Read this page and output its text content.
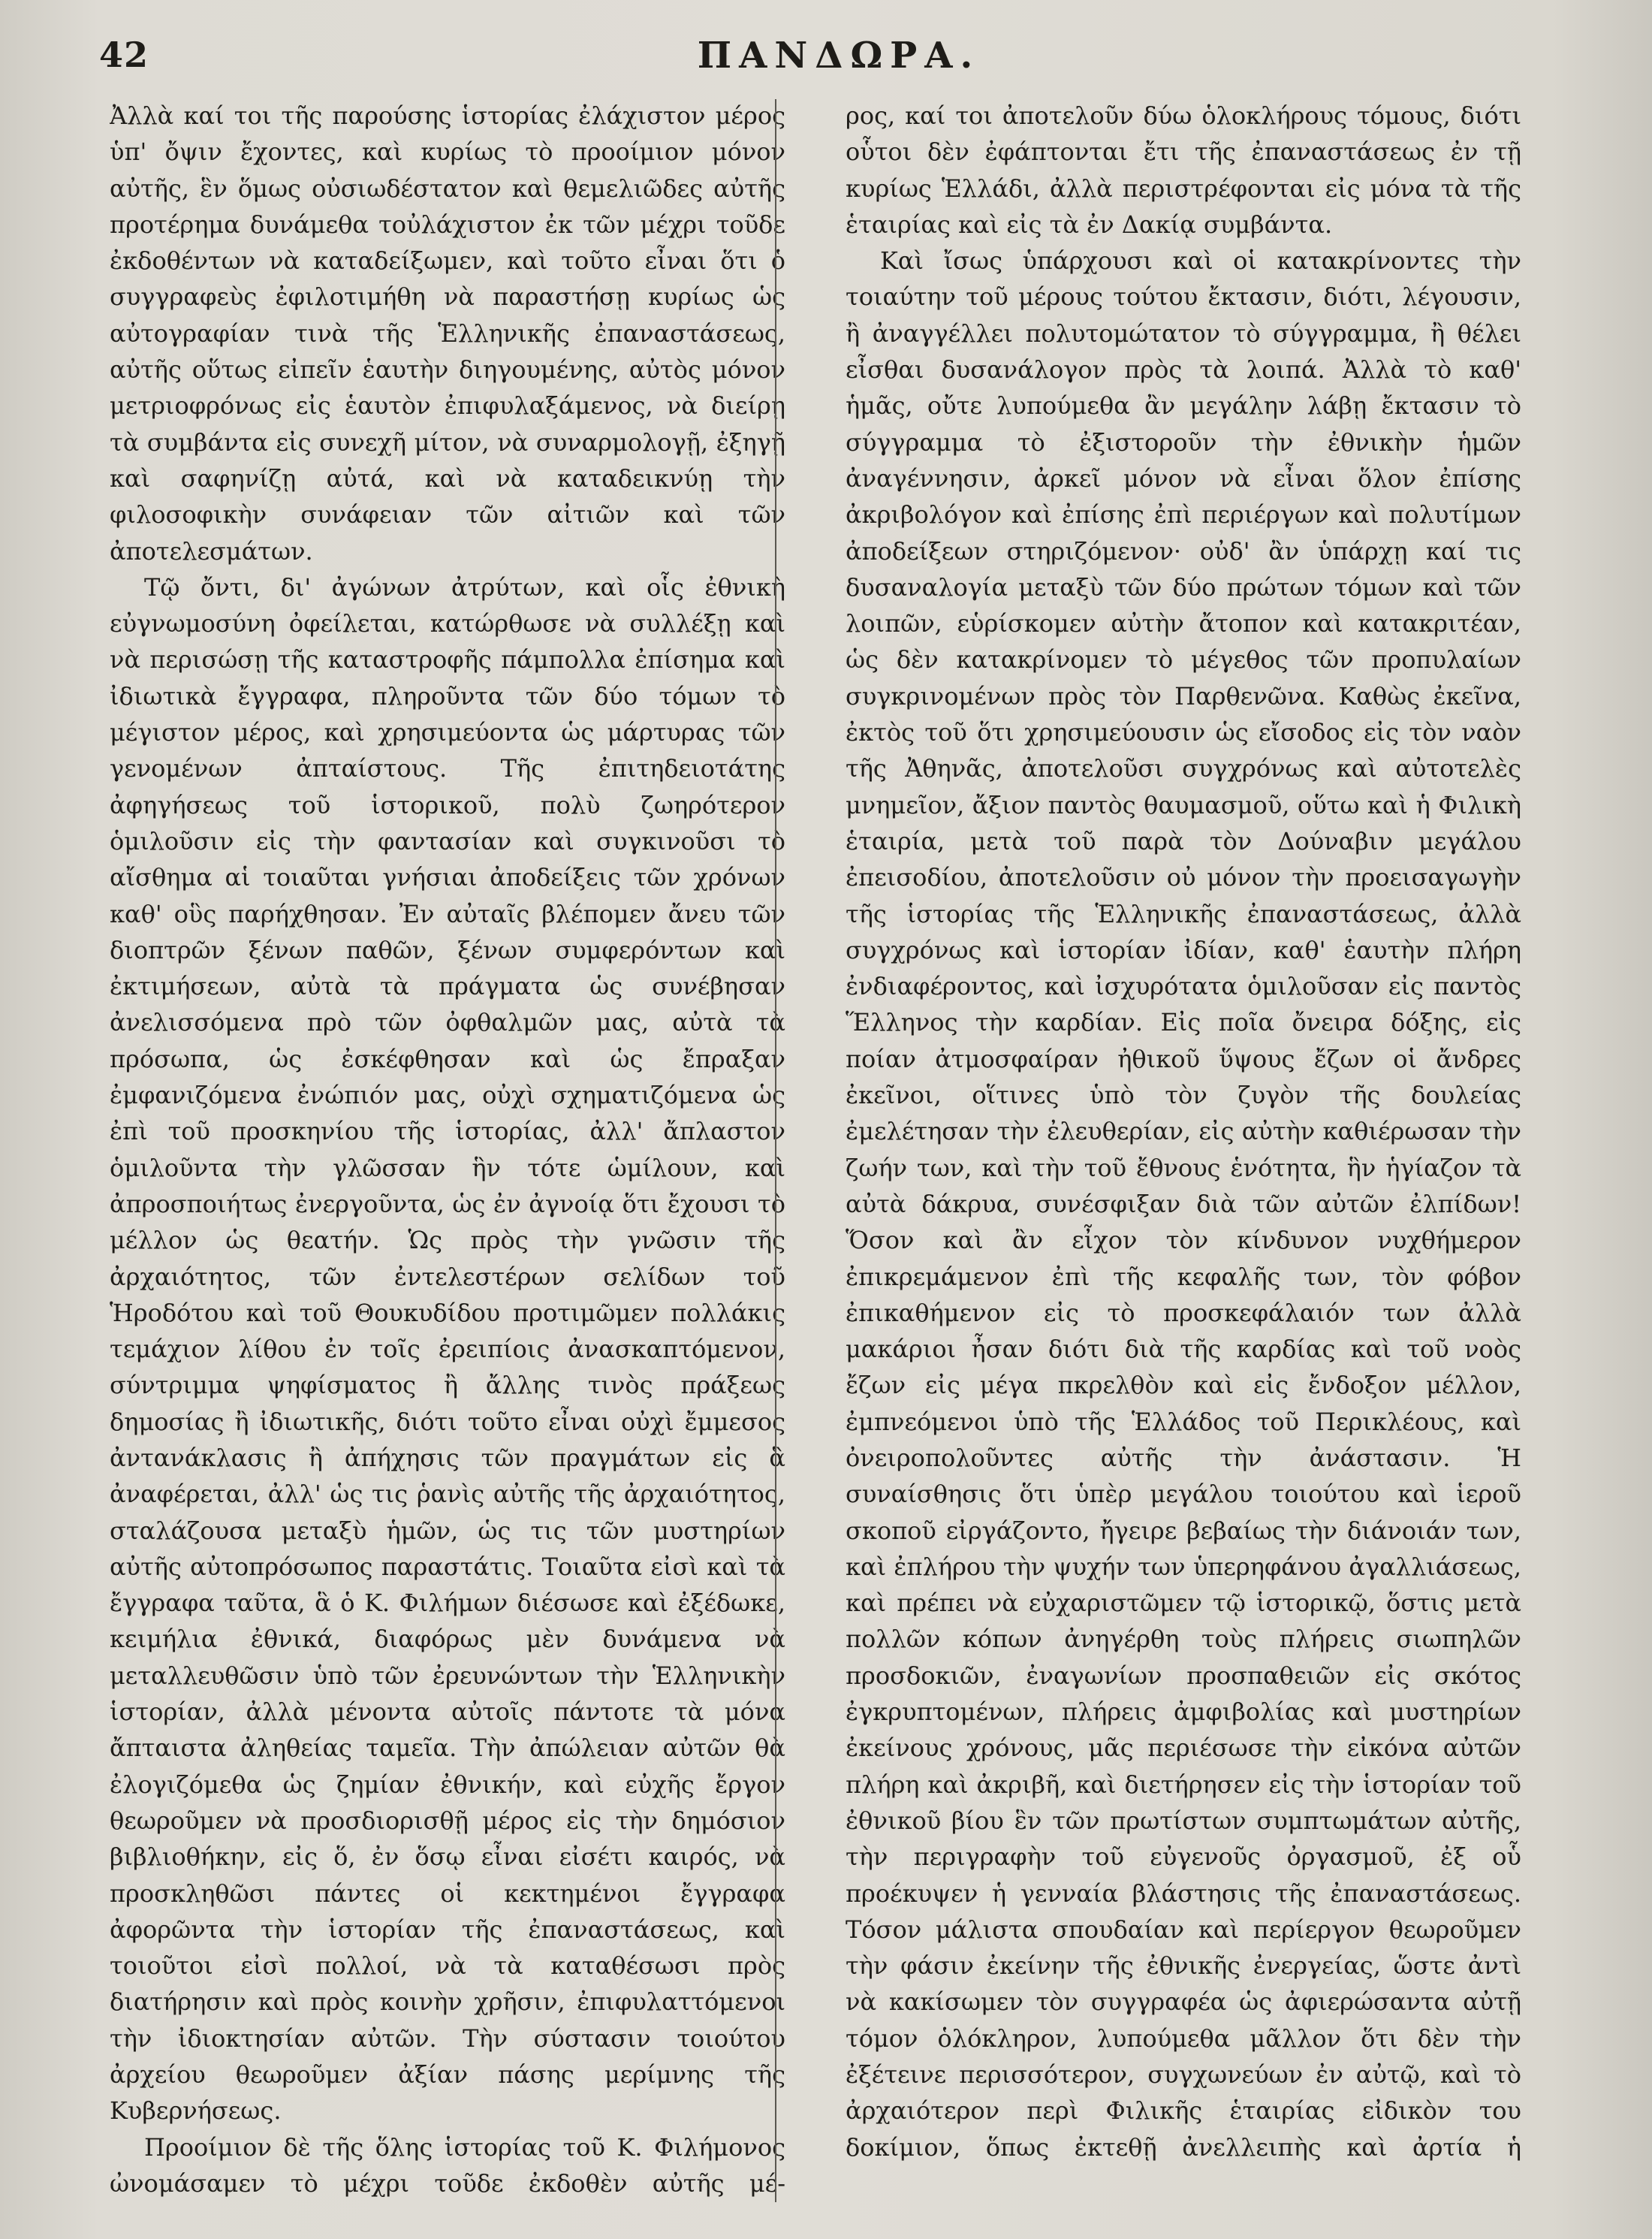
42	ΠΑΝΔΩΡΑ.

Ἀλλὰ καί τοι τῆς παρούσης ἱστορίας ἐλάχιστον μέρος ὑπ' ὄψιν ἔχοντες, καὶ κυρίως τὸ προοίμιον μόνον αὐτῆς, ἓν ὅμως οὐσιωδέστατον καὶ θεμελιῶδες αὐτῆς προτέρημα δυνάμεθα τοὐλάχιστον ἐκ τῶν μέχρι τοῦδε ἐκδοθέντων νὰ καταδείξωμεν, καὶ τοῦτο εἶναι ὅτι ὁ συγγραφεὺς ἐφιλοτιμήθη νὰ παραστήσῃ κυρίως ὡς αὐτογραφίαν τινὰ τῆς Ἑλληνικῆς ἐπαναστάσεως, αὐτῆς οὕτως εἰπεῖν ἑαυτὴν διηγουμένης, αὐτὸς μόνον μετριοφρόνως εἰς ἑαυτὸν ἐπιφυλαξάμενος, νὰ διείρῃ τὰ συμβάντα εἰς συνεχῆ μίτον, νὰ συναρμολογῇ, ἐξηγῇ καὶ σαφηνίζῃ αὐτά, καὶ νὰ καταδεικνύῃ τὴν φιλοσοφικὴν συνάφειαν τῶν αἰτιῶν καὶ τῶν ἀποτελεσμάτων.

Τῷ ὄντι, δι' ἀγώνων ἀτρύτων, καὶ οἷς ἐθνικὴ εὐγνωμοσύνη ὀφείλεται, κατώρθωσε νὰ συλλέξῃ καὶ νὰ περισώσῃ τῆς καταστροφῆς πάμπολλα ἐπίσημα καὶ ἰδιωτικὰ ἔγγραφα, πληροῦντα τῶν δύο τόμων τὸ μέγιστον μέρος, καὶ χρησιμεύοντα ὡς μάρτυρας τῶν γενομένων ἀπταίστους. Τῆς ἐπιτηδειοτάτης ἀφηγήσεως τοῦ ἱστορικοῦ, πολὺ ζωηρότερον ὁμιλοῦσιν εἰς τὴν φαντασίαν καὶ συγκινοῦσι τὸ αἴσθημα αἱ τοιαῦται γνήσιαι ἀποδείξεις τῶν χρόνων καθ' οὓς παρήχθησαν. Ἐν αὐταῖς βλέπομεν ἄνευ τῶν διοπτρῶν ξένων παθῶν, ξένων συμφερόντων καὶ ἐκτιμήσεων, αὐτὰ τὰ πράγματα ὡς συνέβησαν ἀνελισσόμενα πρὸ τῶν ὀφθαλμῶν μας, αὐτὰ τὰ πρόσωπα, ὡς ἐσκέφθησαν καὶ ὡς ἔπραξαν ἐμφανιζόμενα ἐνώπιόν μας, οὐχὶ σχηματιζόμενα ὡς ἐπὶ τοῦ προσκηνίου τῆς ἱστορίας, ἀλλ' ἄπλαστον ὁμιλοῦντα τὴν γλῶσσαν ἣν τότε ὡμίλουν, καὶ ἀπροσποιήτως ἐνεργοῦντα, ὡς ἐν ἀγνοίᾳ ὅτι ἔχουσι τὸ μέλλον ὡς θεατήν. Ὡς πρὸς τὴν γνῶσιν τῆς ἀρχαιότητος, τῶν ἐντελεστέρων σελίδων τοῦ Ἡροδότου καὶ τοῦ Θουκυδίδου προτιμῶμεν πολλάκις τεμάχιον λίθου ἐν τοῖς ἐρειπίοις ἀνασκαπτόμενον, σύντριμμα ψηφίσματος ἢ ἄλλης τινὸς πράξεως δημοσίας ἢ ἰδιωτικῆς, διότι τοῦτο εἶναι οὐχὶ ἔμμεσος ἀντανάκλασις ἢ ἀπήχησις τῶν πραγμάτων εἰς ἃ ἀναφέρεται, ἀλλ' ὡς τις ῥανὶς αὐτῆς τῆς ἀρχαιότητος, σταλάζουσα μεταξὺ ἡμῶν, ὡς τις τῶν μυστηρίων αὐτῆς αὐτοπρόσωπος παραστάτις. Τοιαῦτα εἰσὶ καὶ τὰ ἔγγραφα ταῦτα, ἃ ὁ Κ. Φιλήμων διέσωσε καὶ ἐξέδωκε, κειμήλια ἐθνικά, διαφόρως μὲν δυνάμενα νὰ μεταλλευθῶσιν ὑπὸ τῶν ἐρευνώντων τὴν Ἑλληνικὴν ἱστορίαν, ἀλλὰ μένοντα αὐτοῖς πάντοτε τὰ μόνα ἄπταιστα ἀληθείας ταμεῖα. Τὴν ἀπώλειαν αὐτῶν θὰ ἐλογιζόμεθα ὡς ζημίαν ἐθνικήν, καὶ εὐχῆς ἔργον θεωροῦμεν νὰ προσδιορισθῇ μέρος εἰς τὴν δημόσιον βιβλιοθήκην, εἰς ὅ, ἐν ὅσῳ εἶναι εἰσέτι καιρός, νὰ προσκληθῶσι πάντες οἱ κεκτημένοι ἔγγραφα ἀφορῶντα τὴν ἱστορίαν τῆς ἐπαναστάσεως, καὶ τοιοῦτοι εἰσὶ πολλοί, νὰ τὰ καταθέσωσι πρὸς διατήρησιν καὶ πρὸς κοινὴν χρῆσιν, ἐπιφυλαττόμενοι τὴν ἰδιοκτησίαν αὐτῶν. Τὴν σύστασιν τοιούτου ἀρχείου θεωροῦμεν ἀξίαν πάσης μερίμνης τῆς Κυβερνήσεως.

Προοίμιον δὲ τῆς ὅλης ἱστορίας τοῦ Κ. Φιλήμονος ὠνομάσαμεν τὸ μέχρι τοῦδε ἐκδοθὲν αὐτῆς μέ-

ρος, καί τοι ἀποτελοῦν δύω ὁλοκλήρους τόμους, διότι οὗτοι δὲν ἐφάπτονται ἔτι τῆς ἐπαναστάσεως ἐν τῇ κυρίως Ἑλλάδι, ἀλλὰ περιστρέφονται εἰς μόνα τὰ τῆς ἑταιρίας καὶ εἰς τὰ ἐν Δακίᾳ συμβάντα.

Καὶ ἴσως ὑπάρχουσι καὶ οἱ κατακρίνοντες τὴν τοιαύτην τοῦ μέρους τούτου ἔκτασιν, διότι, λέγουσιν, ἢ ἀναγγέλλει πολυτομώτατον τὸ σύγγραμμα, ἢ θέλει εἶσθαι δυσανάλογον πρὸς τὰ λοιπά. Ἀλλὰ τὸ καθ' ἡμᾶς, οὔτε λυπούμεθα ἂν μεγάλην λάβῃ ἔκτασιν τὸ σύγγραμμα τὸ ἐξιστοροῦν τὴν ἐθνικὴν ἡμῶν ἀναγέννησιν, ἀρκεῖ μόνον νὰ εἶναι ὅλον ἐπίσης ἀκριβολόγον καὶ ἐπίσης ἐπὶ περιέργων καὶ πολυτίμων ἀποδείξεων στηριζόμενον· οὐδ' ἂν ὑπάρχῃ καί τις δυσαναλογία μεταξὺ τῶν δύο πρώτων τόμων καὶ τῶν λοιπῶν, εὑρίσκομεν αὐτὴν ἄτοπον καὶ κατακριτέαν, ὡς δὲν κατακρίνομεν τὸ μέγεθος τῶν προπυλαίων συγκρινομένων πρὸς τὸν Παρθενῶνα. Καθὼς ἐκεῖνα, ἐκτὸς τοῦ ὅτι χρησιμεύουσιν ὡς εἴσοδος εἰς τὸν ναὸν τῆς Ἀθηνᾶς, ἀποτελοῦσι συγχρόνως καὶ αὐτοτελὲς μνημεῖον, ἄξιον παντὸς θαυμασμοῦ, οὕτω καὶ ἡ Φιλικὴ ἑταιρία, μετὰ τοῦ παρὰ τὸν Δούναβιν μεγάλου ἐπεισοδίου, ἀποτελοῦσιν οὐ μόνον τὴν προεισαγωγὴν τῆς ἱστορίας τῆς Ἑλληνικῆς ἐπαναστάσεως, ἀλλὰ συγχρόνως καὶ ἱστορίαν ἰδίαν, καθ' ἑαυτὴν πλήρη ἐνδιαφέροντος, καὶ ἰσχυρότατα ὁμιλοῦσαν εἰς παντὸς Ἕλληνος τὴν καρδίαν. Εἰς ποῖα ὄνειρα δόξης, εἰς ποίαν ἀτμοσφαίραν ἠθικοῦ ὕψους ἔζων οἱ ἄνδρες ἐκεῖνοι, οἵτινες ὑπὸ τὸν ζυγὸν τῆς δουλείας ἐμελέτησαν τὴν ἐλευθερίαν, εἰς αὐτὴν καθιέρωσαν τὴν ζωήν των, καὶ τὴν τοῦ ἔθνους ἑνότητα, ἣν ἡγίαζον τὰ αὐτὰ δάκρυα, συνέσφιξαν διὰ τῶν αὐτῶν ἐλπίδων! Ὅσον καὶ ἂν εἶχον τὸν κίνδυνον νυχθήμερον ἐπικρεμάμενον ἐπὶ τῆς κεφαλῆς των, τὸν φόβον ἐπικαθήμενον εἰς τὸ προσκεφάλαιόν των ἀλλὰ μακάριοι ἦσαν διότι διὰ τῆς καρδίας καὶ τοῦ νοὸς ἔζων εἰς μέγα πκρελθὸν καὶ εἰς ἔνδοξον μέλλον, ἐμπνεόμενοι ὑπὸ τῆς Ἑλλάδος τοῦ Περικλέους, καὶ ὀνειροπολοῦντες αὐτῆς τὴν ἀνάστασιν. Ἡ συναίσθησις ὅτι ὑπὲρ μεγάλου τοιούτου καὶ ἱεροῦ σκοποῦ εἰργάζοντο, ἤγειρε βεβαίως τὴν διάνοιάν των, καὶ ἐπλήρου τὴν ψυχήν των ὑπερηφάνου ἀγαλλιάσεως, καὶ πρέπει νὰ εὐχαριστῶμεν τῷ ἱστορικῷ, ὅστις μετὰ πολλῶν κόπων ἀνηγέρθη τοὺς πλήρεις σιωπηλῶν προσδοκιῶν, ἐναγωνίων προσπαθειῶν εἰς σκότος ἐγκρυπτομένων, πλήρεις ἀμφιβολίας καὶ μυστηρίων ἐκείνους χρόνους, μᾶς περιέσωσε τὴν εἰκόνα αὐτῶν πλήρη καὶ ἀκριβῆ, καὶ διετήρησεν εἰς τὴν ἱστορίαν τοῦ ἐθνικοῦ βίου ἓν τῶν πρωτίστων συμπτωμάτων αὐτῆς, τὴν περιγραφὴν τοῦ εὐγενοῦς ὀργασμοῦ, ἐξ οὗ προέκυψεν ἡ γενναία βλάστησις τῆς ἐπαναστάσεως. Τόσον μάλιστα σπουδαίαν καὶ περίεργον θεωροῦμεν τὴν φάσιν ἐκείνην τῆς ἐθνικῆς ἐνεργείας, ὥστε ἀντὶ νὰ κακίσωμεν τὸν συγγραφέα ὡς ἀφιερώσαντα αὐτῇ τόμον ὁλόκληρον, λυπούμεθα μᾶλλον ὅτι δὲν τὴν ἐξέτεινε περισσότερον, συγχωνεύων ἐν αὐτῷ, καὶ τὸ ἀρχαιότερον περὶ Φιλικῆς ἑταιρίας εἰδικὸν του δοκίμιον, ὅπως ἐκτεθῇ ἀνελλειπὴς καὶ ἀρτία ἡ
